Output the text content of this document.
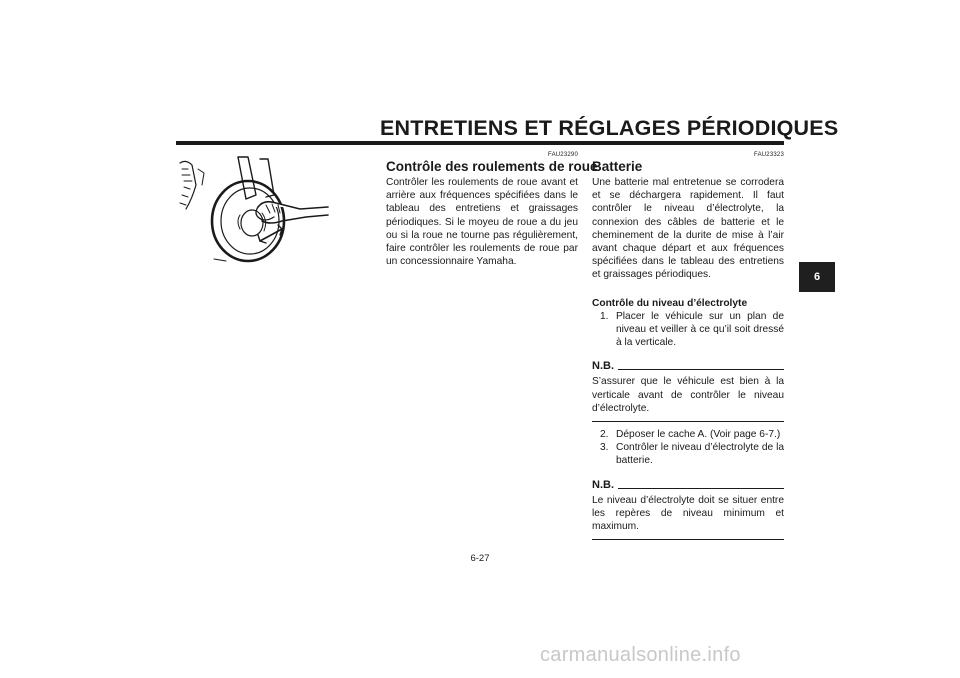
ENTRETIENS ET RÉGLAGES PÉRIODIQUES
FAU23290
Contrôle des roulements de roue

Contrôler les roulements de roue avant et arrière aux fréquences spécifiées dans le tableau des entretiens et graissages périodiques. Si le moyeu de roue a du jeu ou si la roue ne tourne pas régulièrement, faire contrôler les roulements de roue par un concessionnaire Yamaha.

FAU23323
Batterie

Une batterie mal entretenue se corrodera et se déchargera rapidement. Il faut contrôler le niveau d’électrolyte, la connexion des câbles de batterie et le cheminement de la durite de mise à l’air avant chaque départ et aux fréquences spécifiées dans le tableau des entretiens et graissages périodiques.

Contrôle du niveau d’électrolyte
1. Placer le véhicule sur un plan de niveau et veiller à ce qu’il soit dressé à la verticale.
N.B.

S’assurer que le véhicule est bien à la verticale avant de contrôler le niveau d’électrolyte.

2. Déposer le cache A. (Voir page 6-7.)
3. Contrôler le niveau d’électrolyte de la batterie.
N.B.

Le niveau d’électrolyte doit se situer entre les repères de niveau minimum et maximum.

6
6-27
carmanualsonline.info
